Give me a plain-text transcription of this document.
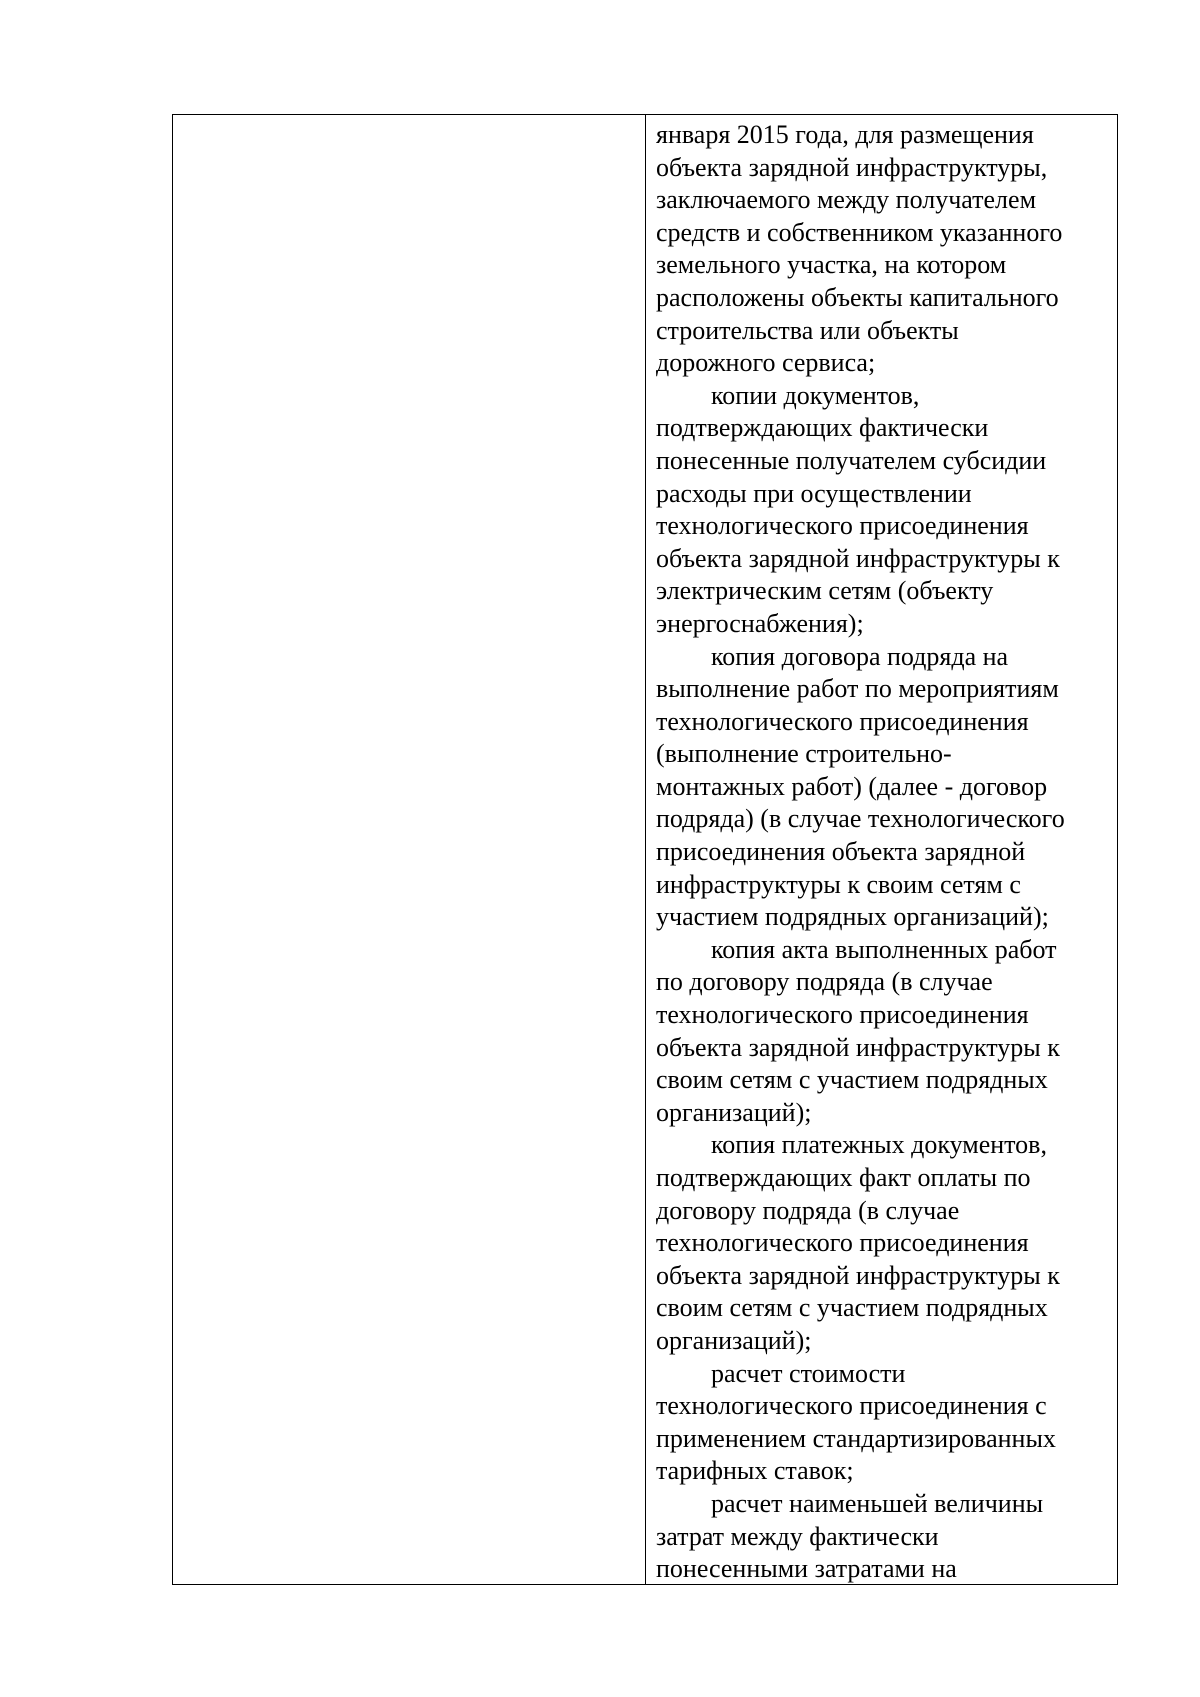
января 2015 года, для размещения

объекта зарядной инфраструктуры,

заключаемого между получателем

средств и собственником указанного

земельного участка, на котором

расположены объекты капитального

строительства или объекты

дорожного сервиса;

копии документов,

подтверждающих фактически

понесенные получателем субсидии

расходы при осуществлении

технологического присоединения

объекта зарядной инфраструктуры к

электрическим сетям (объекту

энергоснабжения);

копия договора подряда на

выполнение работ по мероприятиям

технологического присоединения

(выполнение строительно-

монтажных работ) (далее - договор

подряда) (в случае технологического

присоединения объекта зарядной

инфраструктуры к своим сетям с

участием подрядных организаций);

копия акта выполненных работ

по договору подряда (в случае

технологического присоединения

объекта зарядной инфраструктуры к

своим сетям с участием подрядных

организаций);

копия платежных документов,

подтверждающих факт оплаты по

договору подряда (в случае

технологического присоединения

объекта зарядной инфраструктуры к

своим сетям с участием подрядных

организаций);

расчет стоимости

технологического присоединения с

применением стандартизированных

тарифных ставок;

расчет наименьшей величины

затрат между фактически

понесенными затратами на
